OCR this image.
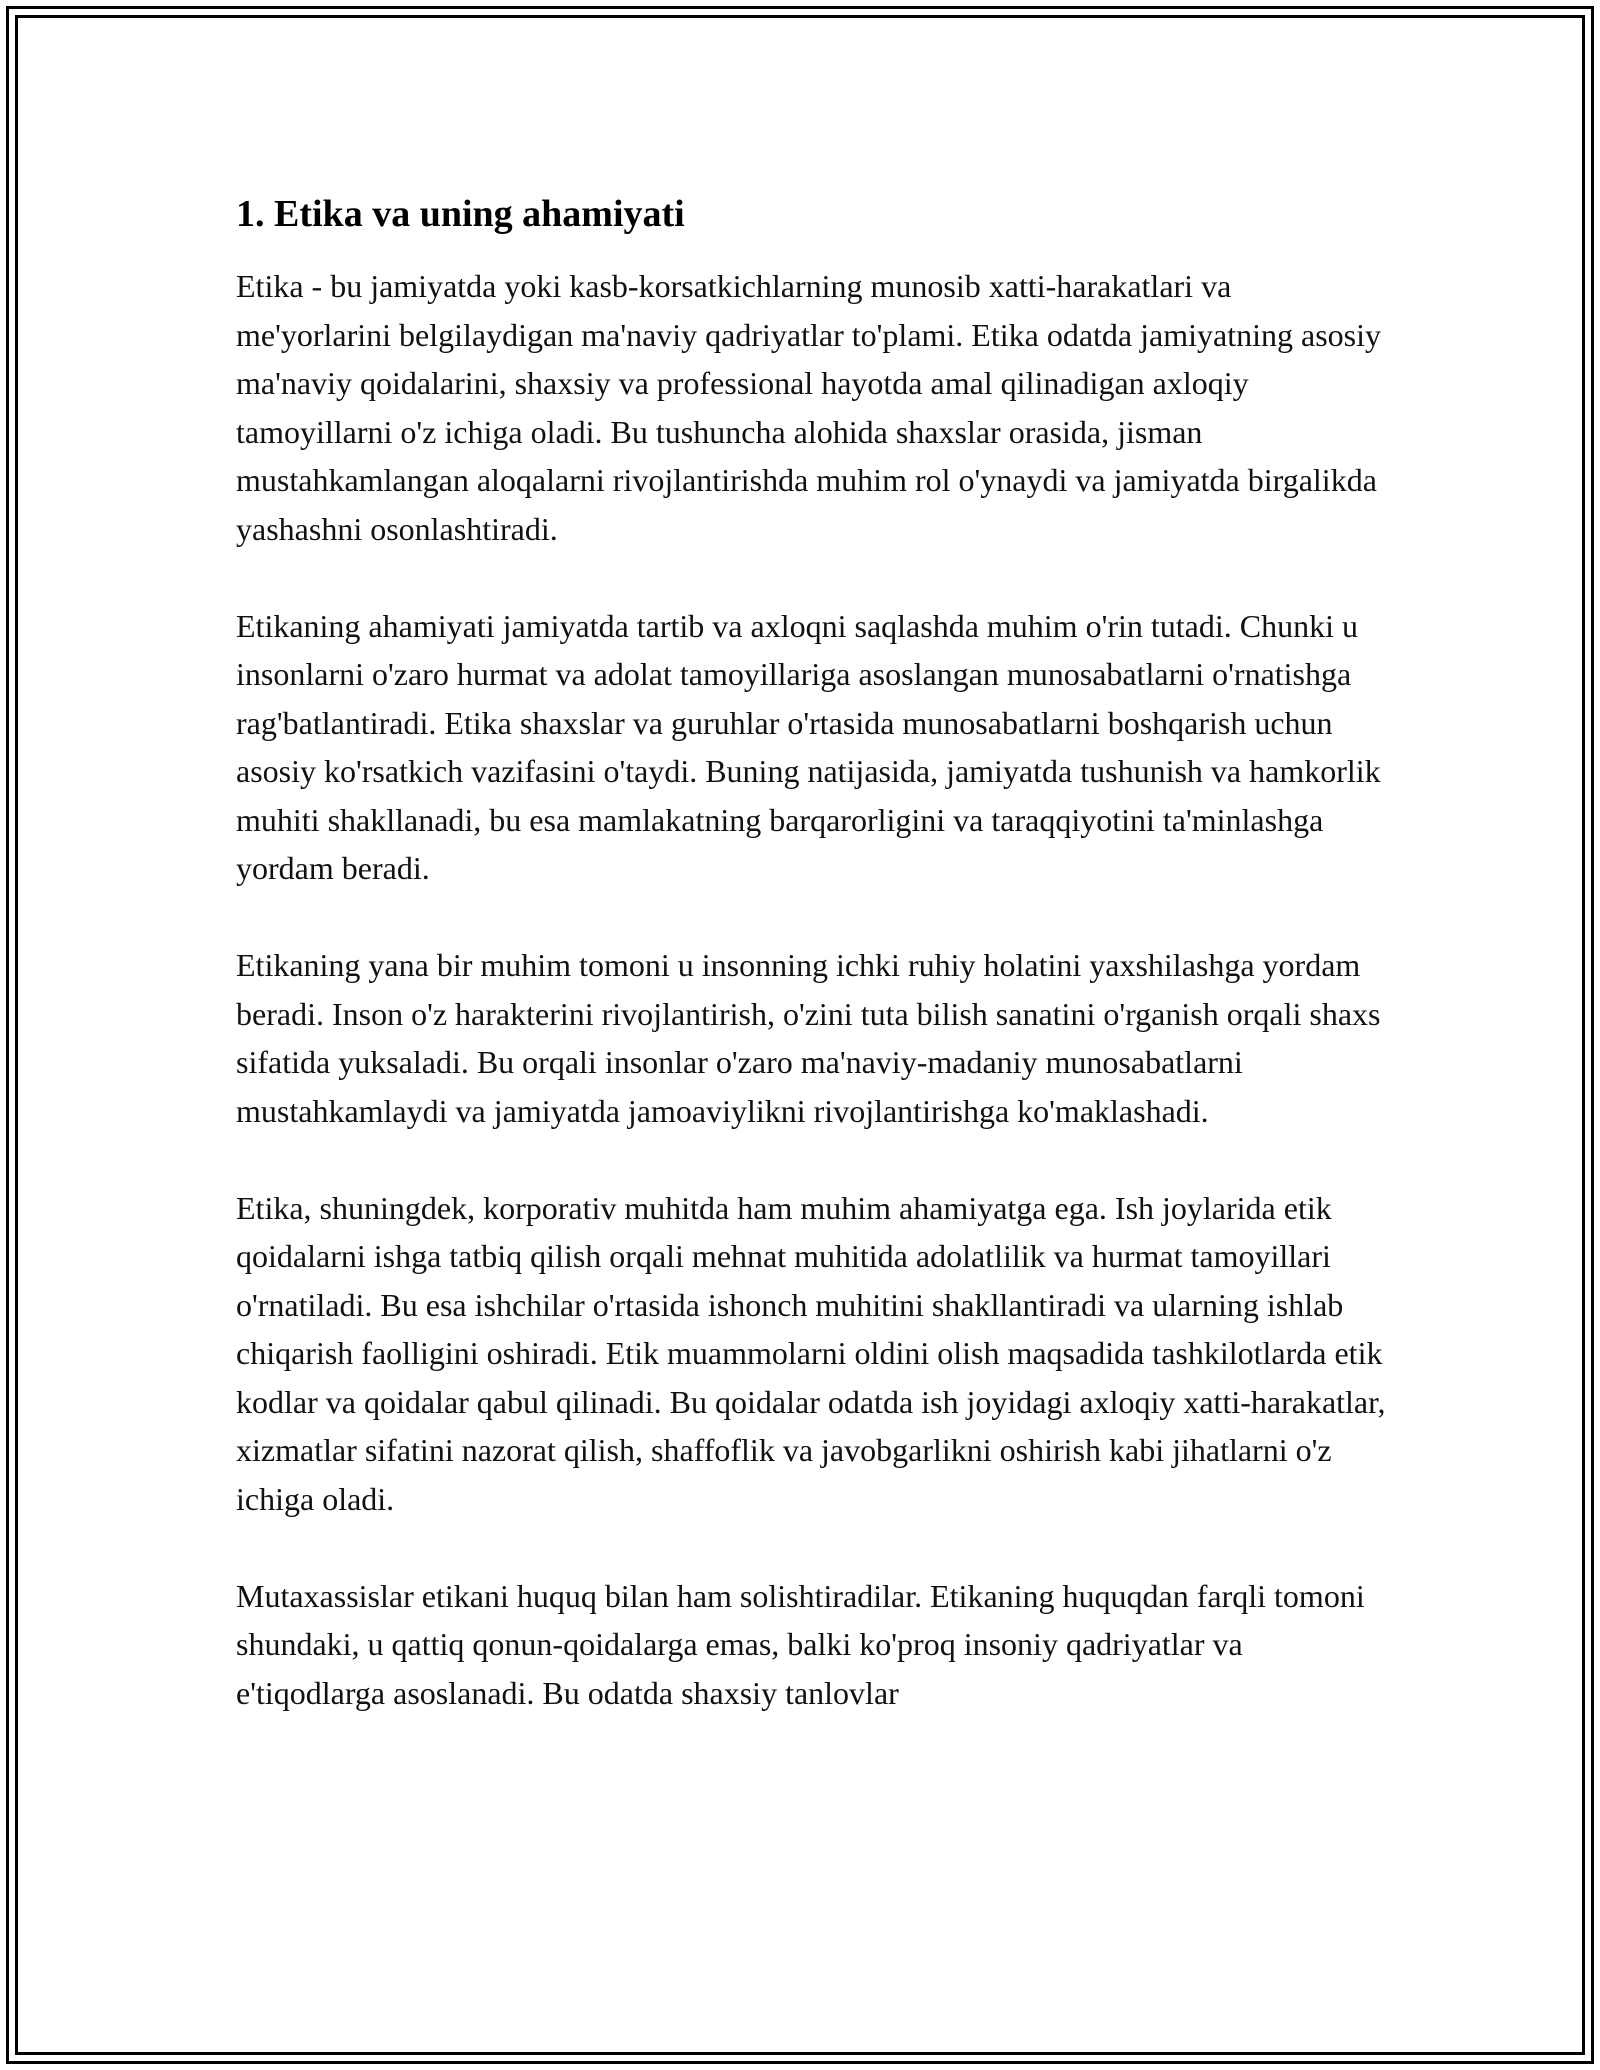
1. Etika va uning ahamiyati

Etika - bu jamiyatda yoki kasb-korsatkichlarning munosib xatti-harakatlari va me'yorlarini belgilaydigan ma'naviy qadriyatlar to'plami. Etika odatda jamiyatning asosiy ma'naviy qoidalarini, shaxsiy va professional hayotda amal qilinadigan axloqiy tamoyillarni o'z ichiga oladi. Bu tushuncha alohida shaxslar orasida, jisman mustahkamlangan aloqalarni rivojlantirishda muhim rol o'ynaydi va jamiyatda birgalikda yashashni osonlashtiradi.

Etikaning ahamiyati jamiyatda tartib va axloqni saqlashda muhim o'rin tutadi. Chunki u insonlarni o'zaro hurmat va adolat tamoyillariga asoslangan munosabatlarni o'rnatishga rag'batlantiradi. Etika shaxslar va guruhlar o'rtasida munosabatlarni boshqarish uchun asosiy ko'rsatkich vazifasini o'taydi. Buning natijasida, jamiyatda tushunish va hamkorlik muhiti shakllanadi, bu esa mamlakatning barqarorligini va taraqqiyotini ta'minlashga yordam beradi.

Etikaning yana bir muhim tomoni u insonning ichki ruhiy holatini yaxshilashga yordam beradi. Inson o'z harakterini rivojlantirish, o'zini tuta bilish sanatini o'rganish orqali shaxs sifatida yuksaladi. Bu orqali insonlar o'zaro ma'naviy-madaniy munosabatlarni mustahkamlaydi va jamiyatda jamoaviylikni rivojlantirishga ko'maklashadi.

Etika, shuningdek, korporativ muhitda ham muhim ahamiyatga ega. Ish joylarida etik qoidalarni ishga tatbiq qilish orqali mehnat muhitida adolatlilik va hurmat tamoyillari o'rnatiladi. Bu esa ishchilar o'rtasida ishonch muhitini shakllantiradi va ularning ishlab chiqarish faolligini oshiradi. Etik muammolarni oldini olish maqsadida tashkilotlarda etik kodlar va qoidalar qabul qilinadi. Bu qoidalar odatda ish joyidagi axloqiy xatti-harakatlar, xizmatlar sifatini nazorat qilish, shaffoflik va javobgarlikni oshirish kabi jihatlarni o'z ichiga oladi.

Mutaxassislar etikani huquq bilan ham solishtiradilar. Etikaning huquqdan farqli tomoni shundaki, u qattiq qonun-qoidalarga emas, balki ko'proq insoniy qadriyatlar va e'tiqodlarga asoslanadi. Bu odatda shaxsiy tanlovlar
